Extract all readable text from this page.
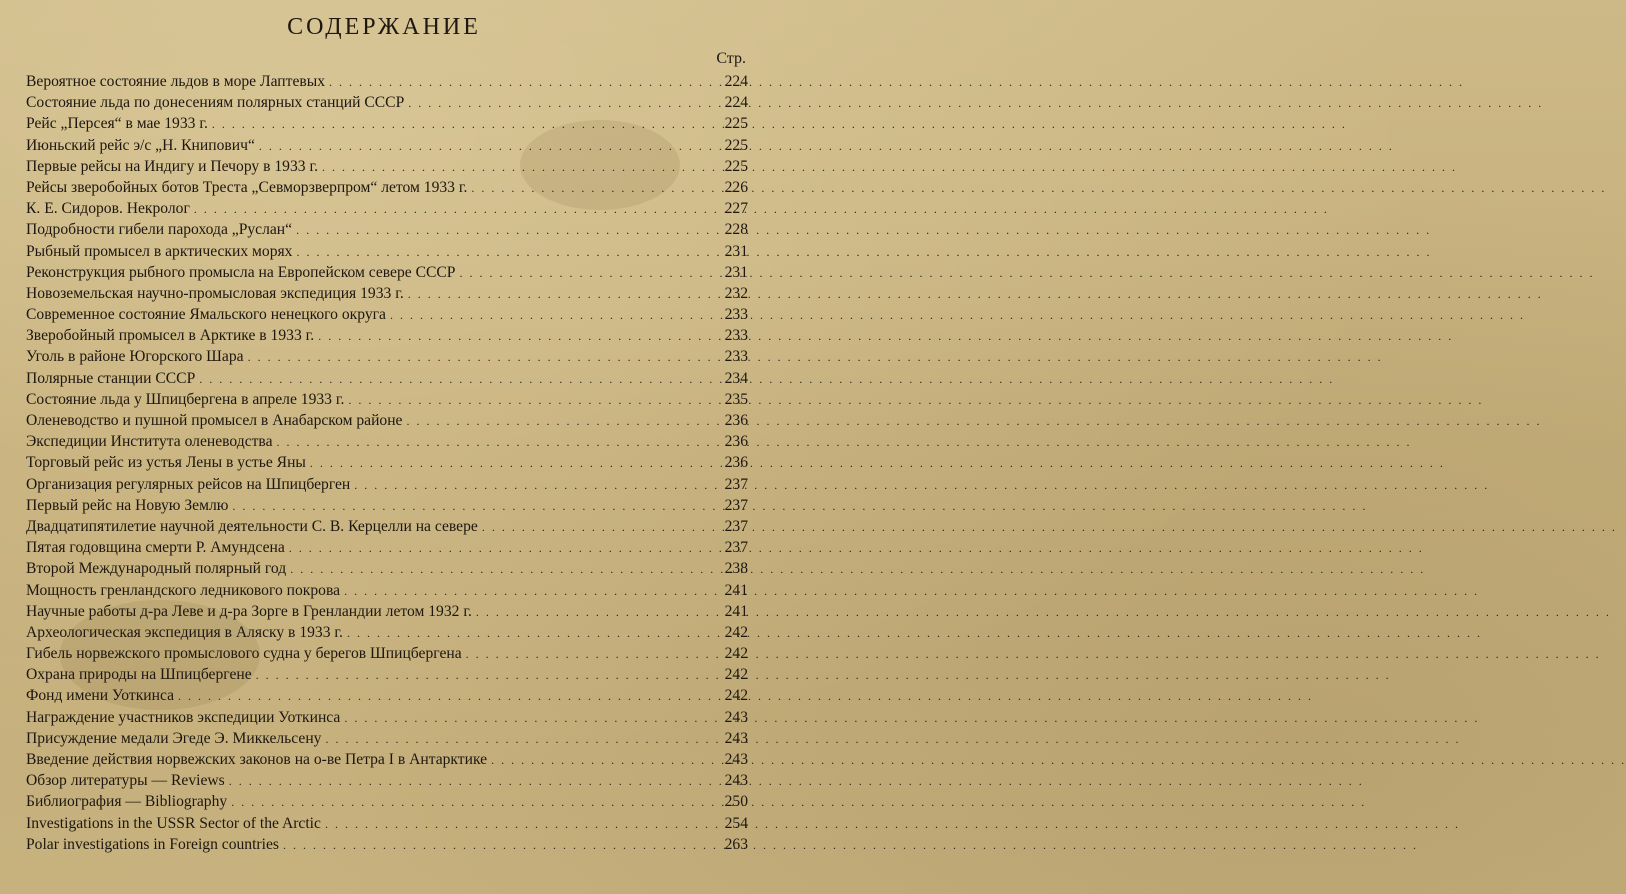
СОДЕРЖАНИЕ
Стр.
Вероятное состояние льдов в море Лаптевых . . .	224
Состояние льда по донесениям полярных станций СССР . . .	224
Рейс „Персея“ в мае 1933 г. . . .	225
Июньский рейс э/с „Н. Книпович“ . . .	225
Первые рейсы на Индигу и Печору в 1933 г. . . .	225
Рейсы зверобойных ботов Треста „Севморзверпром“ летом 1933 г. . . .	226
К. Е. Сидоров. Некролог . . .	227
Подробности гибели парохода „Руслан“ . . .	228
Рыбный промысел в арктических морях . . .	231
Реконструкция рыбного промысла на Европейском севере СССР . . .	231
Новоземельская научно-промысловая экспедиция 1933 г. . . .	232
Современное состояние Ямальского ненецкого округа . . .	233
Зверобойный промысел в Арктике в 1933 г. . . .	233
Уголь в районе Югорского Шара . . .	233
Полярные станции СССР . . .	234
Состояние льда у Шпицбергена в апреле 1933 г. . . .	235
Оленеводство и пушной промысел в Анабарском районе . . .	236
Экспедиции Института оленеводства . . .	236
Торговый рейс из устья Лены в устье Яны . . .	236
Организация регулярных рейсов на Шпицберген . . .	237
Первый рейс на Новую Землю . . .	237
Двадцатипятилетие научной деятельности С. В. Керцелли на севере . . .	237
Пятая годовщина смерти Р. Амундсена . . .	237
Второй Международный полярный год . . .	238
Мощность гренландского ледникового покрова . . .	241
Научные работы д-ра Леве и д-ра Зорге в Гренландии летом 1932 г. . . .	241
Археологическая экспедиция в Аляску в 1933 г. . . .	242
Гибель норвежского промыслового судна у берегов Шпицбергена . . .	242
Охрана природы на Шпицбергене . . .	242
Фонд имени Уоткинса . . .	242
Награждение участников экспедиции Уоткинса . . .	243
Присуждение медали Эгеде Э. Миккельсену . . .	243
Введение действия норвежских законов на о-ве Петра I в Антарктике . . .	243
Обзор литературы — Reviews . . .	243
Библиография — Bibliography . . .	250
Investigations in the USSR Sector of the Arctic . . .	254
Polar investigations in Foreign countries . . .	263
